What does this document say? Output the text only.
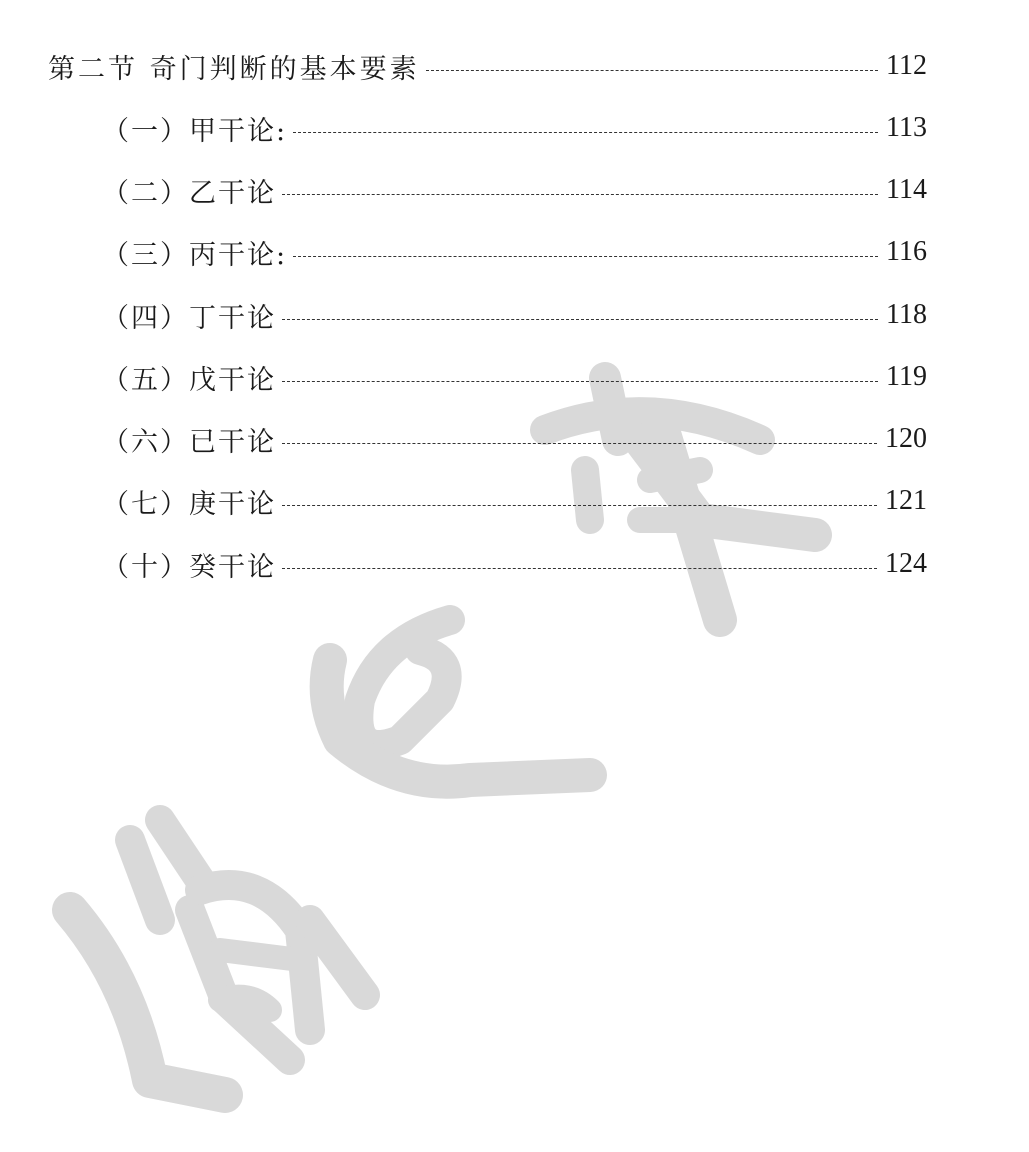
第二节 奇门判断的基本要素	112
（一）甲干论:	113
（二）乙干论	114
（三）丙干论:	116
（四）丁干论	118
（五）戊干论	119
（六）已干论	120
（七）庚干论	121
（十）癸干论	124
